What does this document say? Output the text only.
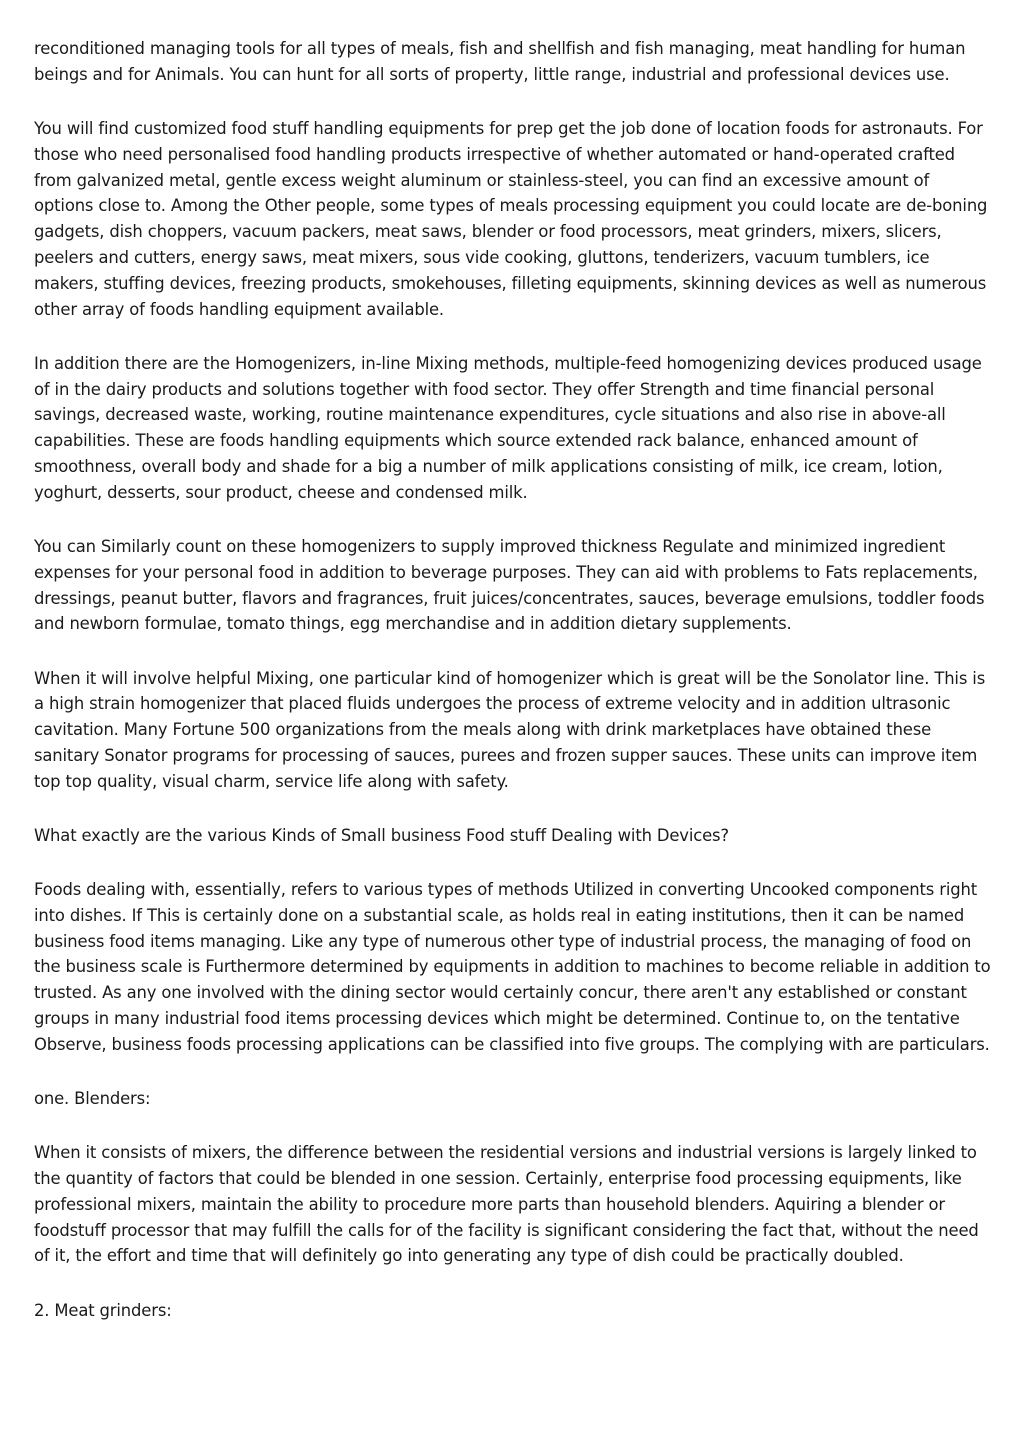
reconditioned managing tools for all types of meals, fish and shellfish and fish managing, meat handling for human beings and for Animals. You can hunt for all sorts of property, little range, industrial and professional devices use.

You will find customized food stuff handling equipments for prep get the job done of location foods for astronauts. For those who need personalised food handling products irrespective of whether automated or hand-operated crafted from galvanized metal, gentle excess weight aluminum or stainless-steel, you can find an excessive amount of options close to. Among the Other people, some types of meals processing equipment you could locate are de-boning gadgets, dish choppers, vacuum packers, meat saws, blender or food processors, meat grinders, mixers, slicers, peelers and cutters, energy saws, meat mixers, sous vide cooking, gluttons, tenderizers, vacuum tumblers, ice makers, stuffing devices, freezing products, smokehouses, filleting equipments, skinning devices as well as numerous other array of foods handling equipment available.

In addition there are the Homogenizers, in-line Mixing methods, multiple-feed homogenizing devices produced usage of in the dairy products and solutions together with food sector. They offer Strength and time financial personal savings, decreased waste, working, routine maintenance expenditures, cycle situations and also rise in above-all capabilities. These are foods handling equipments which source extended rack balance, enhanced amount of smoothness, overall body and shade for a big a number of milk applications consisting of milk, ice cream, lotion, yoghurt, desserts, sour product, cheese and condensed milk.

You can Similarly count on these homogenizers to supply improved thickness Regulate and minimized ingredient expenses for your personal food in addition to beverage purposes. They can aid with problems to Fats replacements, dressings, peanut butter, flavors and fragrances, fruit juices/concentrates, sauces, beverage emulsions, toddler foods and newborn formulae, tomato things, egg merchandise and in addition dietary supplements.

When it will involve helpful Mixing, one particular kind of homogenizer which is great will be the Sonolator line. This is a high strain homogenizer that placed fluids undergoes the process of extreme velocity and in addition ultrasonic cavitation. Many Fortune 500 organizations from the meals along with drink marketplaces have obtained these sanitary Sonator programs for processing of sauces, purees and frozen supper sauces. These units can improve item top top quality, visual charm, service life along with safety.

What exactly are the various Kinds of Small business Food stuff Dealing with Devices?

Foods dealing with, essentially, refers to various types of methods Utilized in converting Uncooked components right into dishes. If This is certainly done on a substantial scale, as holds real in eating institutions, then it can be named business food items managing. Like any type of numerous other type of industrial process, the managing of food on the business scale is Furthermore determined by equipments in addition to machines to become reliable in addition to trusted. As any one involved with the dining sector would certainly concur, there aren't any established or constant groups in many industrial food items processing devices which might be determined. Continue to, on the tentative Observe, business foods processing applications can be classified into five groups. The complying with are particulars.

one. Blenders:

When it consists of mixers, the difference between the residential versions and industrial versions is largely linked to the quantity of factors that could be blended in one session. Certainly, enterprise food processing equipments, like professional mixers, maintain the ability to procedure more parts than household blenders. Aquiring a blender or foodstuff processor that may fulfill the calls for of the facility is significant considering the fact that, without the need of it, the effort and time that will definitely go into generating any type of dish could be practically doubled.

2. Meat grinders:
